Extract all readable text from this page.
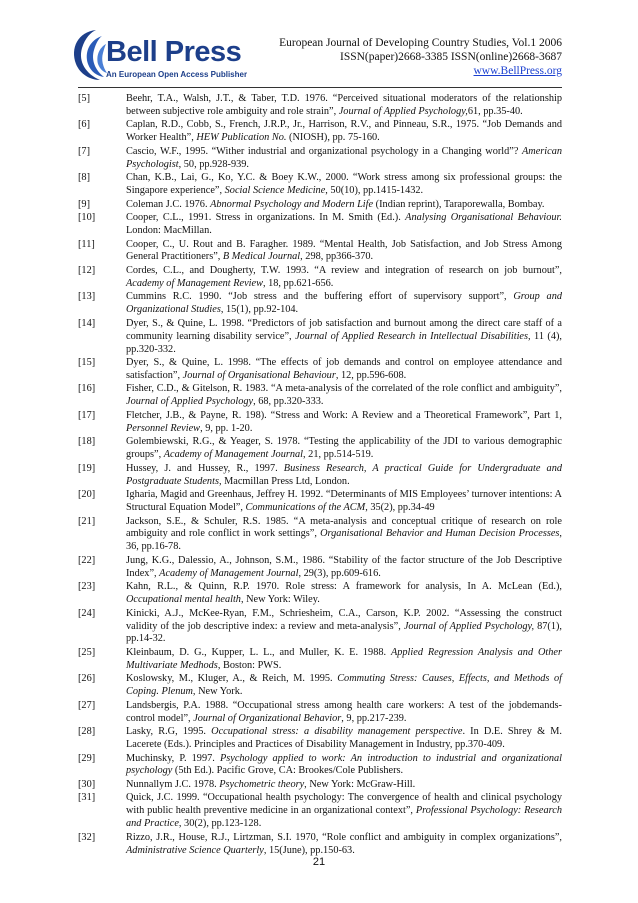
Bell Press
An European Open Access Publisher
European Journal of Developing Country Studies, Vol.1 2006
ISSN(paper)2668-3385 ISSN(online)2668-3687
www.BellPress.org
[5]	Beehr, T.A., Walsh, J.T., & Taber, T.D. 1976. “Perceived situational moderators of the relationship between subjective role ambiguity and role strain”, Journal of Applied Psychology,61, pp.35-40.
[6]	Caplan, R.D., Cobb, S., French, J.R.P., Jr., Harrison, R.V., and Pinneau, S.R., 1975. “Job Demands and Worker Health”, HEW Publication No. (NIOSH), pp. 75-160.
[7]	Cascio, W.F., 1995. “Wither industrial and organizational psychology in a Changing world”? American Psychologist, 50, pp.928-939.
[8]	Chan, K.B., Lai, G., Ko, Y.C. & Boey K.W., 2000. “Work stress among six professional groups: the Singapore experience”, Social Science Medicine, 50(10), pp.1415-1432.
[9]	Coleman J.C. 1976. Abnormal Psychology and Modern Life (Indian reprint), Taraporewalla, Bombay.
[10]	Cooper, C.L., 1991. Stress in organizations. In M. Smith (Ed.). Analysing Organisational Behaviour. London: MacMillan.
[11]	Cooper, C., U. Rout and B. Faragher. 1989. “Mental Health, Job Satisfaction, and Job Stress Among General Practitioners”, B Medical Journal, 298, pp366-370.
[12]	Cordes, C.L., and Dougherty, T.W. 1993. “A review and integration of research on job burnout”, Academy of Management Review, 18, pp.621-656.
[13]	Cummins R.C. 1990. “Job stress and the buffering effort of supervisory support”, Group and Organizational Studies, 15(1), pp.92-104.
[14]	Dyer, S., & Quine, L. 1998. “Predictors of job satisfaction and burnout among the direct care staff of a community learning disability service”, Journal of Applied Research in Intellectual Disabilities, 11 (4), pp.320-332.
[15]	Dyer, S., & Quine, L. 1998. “The effects of job demands and control on employee attendance and satisfaction”, Journal of Organisational Behaviour, 12, pp.596-608.
[16]	Fisher, C.D., & Gitelson, R. 1983. “A meta-analysis of the correlated of the role conflict and ambiguity”, Journal of Applied Psychology, 68, pp.320-333.
[17]	Fletcher, J.B., & Payne, R. 198). “Stress and Work: A Review and a Theoretical Framework”, Part 1, Personnel Review, 9, pp. 1-20.
[18]	Golembiewski, R.G., & Yeager, S. 1978. “Testing the applicability of the JDI to various demographic groups”, Academy of Management Journal, 21, pp.514-519.
[19]	Hussey, J. and Hussey, R., 1997. Business Research, A practical Guide for Undergraduate and Postgraduate Students, Macmillan Press Ltd, London.
[20]	Igharia, Magid and Greenhaus, Jeffrey H. 1992. “Determinants of MIS Employees’ turnover intentions: A Structural Equation Model”, Communications of the ACM, 35(2), pp.34-49
[21]	Jackson, S.E., & Schuler, R.S. 1985. “A meta-analysis and conceptual critique of research on role ambiguity and role conflict in work settings”, Organisational Behavior and Human Decision Processes, 36, pp.16-78.
[22]	Jung, K.G., Dalessio, A., Johnson, S.M., 1986. “Stability of the factor structure of the Job Descriptive Index”, Academy of Management Journal, 29(3), pp.609-616.
[23]	Kahn, R.L., & Quinn, R.P. 1970. Role stress: A framework for analysis, In A. McLean (Ed.), Occupational mental health, New York: Wiley.
[24]	Kinicki, A.J., McKee-Ryan, F.M., Schriesheim, C.A., Carson, K.P. 2002. “Assessing the construct validity of the job descriptive index: a review and meta-analysis”, Journal of Applied Psychology, 87(1), pp.14-32.
[25]	Kleinbaum, D. G., Kupper, L. L., and Muller, K. E. 1988. Applied Regression Analysis and Other Multivariate Medhods, Boston: PWS.
[26]	Koslowsky, M., Kluger, A., & Reich, M. 1995. Commuting Stress: Causes, Effects, and Methods of Coping. Plenum, New York.
[27]	Landsbergis, P.A. 1988. “Occupational stress among health care workers: A test of the jobdemands-control model”, Journal of Organizational Behavior, 9, pp.217-239.
[28]	Lasky, R.G, 1995. Occupational stress: a disability management perspective. In D.E. Shrey & M. Lacerete (Eds.). Principles and Practices of Disability Management in Industry, pp.370-409.
[29]	Muchinsky, P. 1997. Psychology applied to work: An introduction to industrial and organizational psychology (5th Ed.). Pacific Grove, CA: Brookes/Cole Publishers.
[30]	Nunnallym J.C. 1978. Psychometric theory, New York: McGraw-Hill.
[31]	Quick, J.C. 1999. “Occupational health psychology: The convergence of health and clinical psychology with public health preventive medicine in an organizational context”, Professional Psychology: Research and Practice, 30(2), pp.123-128.
[32]	Rizzo, J.R., House, R.J., Lirtzman, S.I. 1970, “Role conflict and ambiguity in complex organizations”, Administrative Science Quarterly, 15(June), pp.150-63.
21
